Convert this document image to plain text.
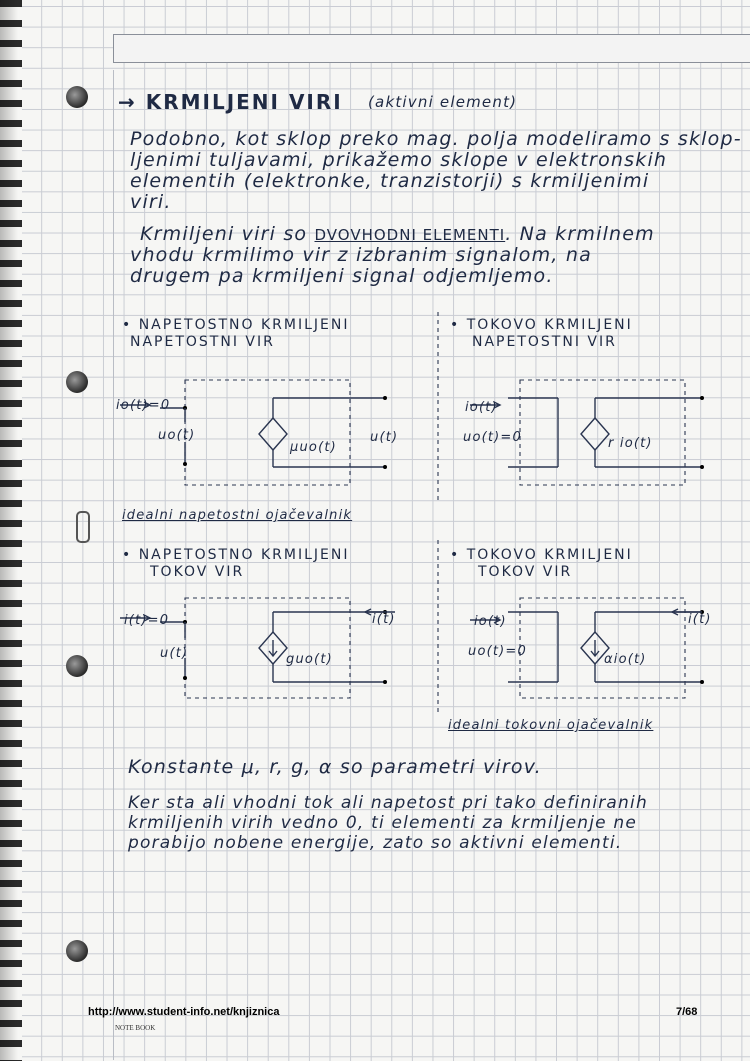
→ KRMILJENI VIRI (aktivni element)
Podobno, kot sklop preko mag. polja modeliramo s sklop-
ljenimi tuljavami, prikažemo sklope v elektronskih
elementih (elektronke, tranzistorji) s krmiljenimi
viri.
Krmiljeni viri so DVOVHODNI ELEMENTI. Na krmilnem
vhodu krmilimo vir z izbranim signalom, na
drugem pa krmiljeni signal odjemljemo.
• NAPETOSTNO KRMILJENI
NAPETOSTNI VIR
• TOKOVO KRMILJENI
NAPETOSTNI VIR
• NAPETOSTNO KRMILJENI
TOKOV VIR
• TOKOVO KRMILJENI
TOKOV VIR
io(t)=0
uo(t)
μuo(t)
u(t)
io(t)
uo(t)=0	r io(t)
idealni napetostni ojačevalnik
i(t)=0
u(t)	guo(t)
i(t)	io(t)
uo(t)=0
αio(t)
i(t)
idealni tokovni ojačevalnik
Konstante μ, r, g, α so parametri virov.
Ker sta ali vhodni tok ali napetost pri tako definiranih
krmiljenih virih vedno 0, ti elementi za krmiljenje ne
porabijo nobene energije, zato so aktivni elementi.
http://www.student-info.net/knjiznica	7/68
NOTE BOOK
